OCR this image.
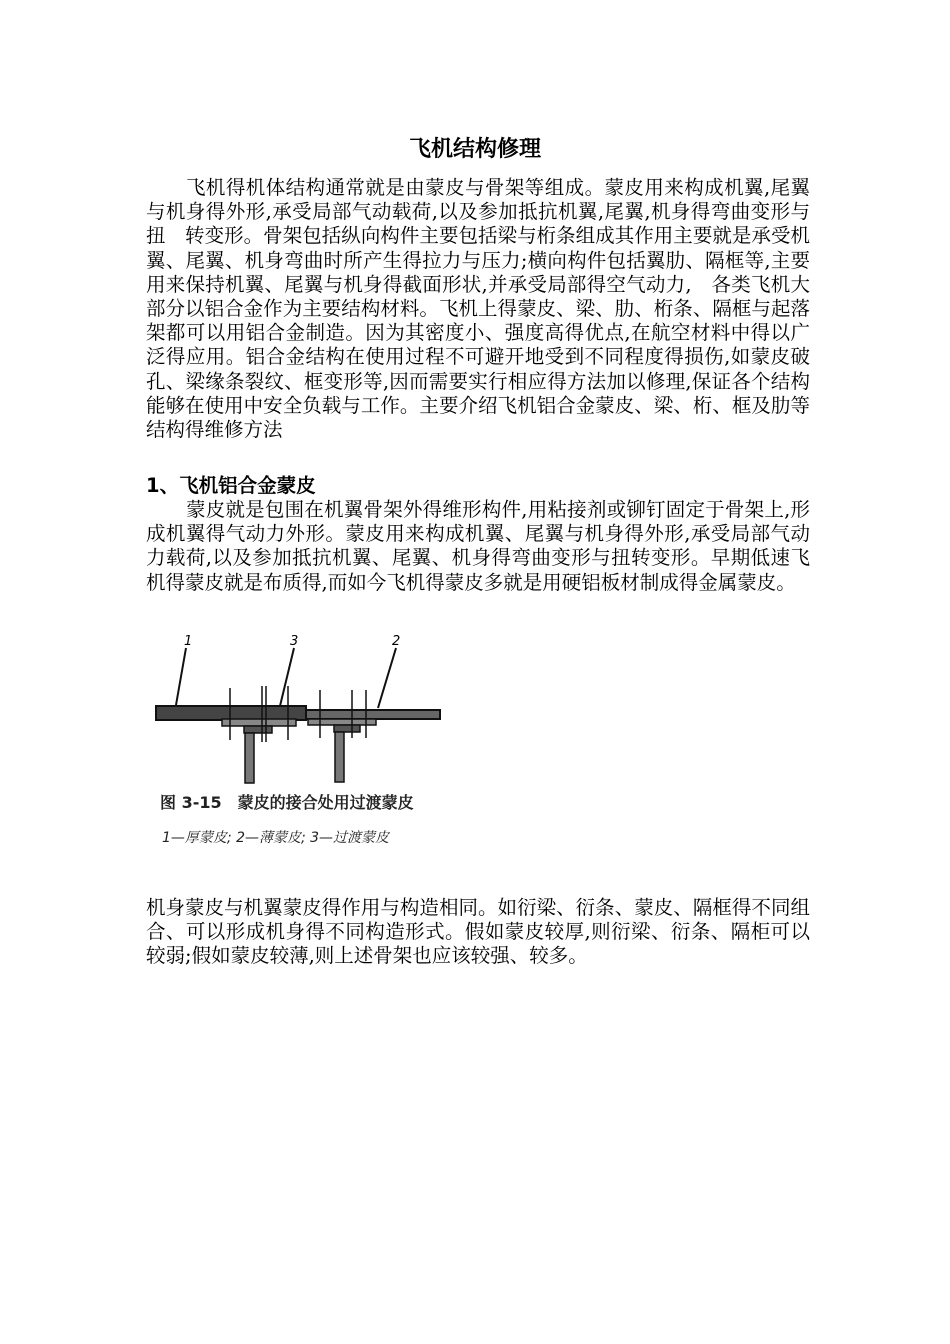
飞机结构修理
飞机得机体结构通常就是由蒙皮与骨架等组成。蒙皮用来构成机翼,尾翼与机身得外形,承受局部气动载荷,以及参加抵抗机翼,尾翼,机身得弯曲变形与扭　转变形。骨架包括纵向构件主要包括梁与桁条组成其作用主要就是承受机翼、尾翼、机身弯曲时所产生得拉力与压力;横向构件包括翼肋、隔框等,主要用来保持机翼、尾翼与机身得截面形状,并承受局部得空气动力,　各类飞机大部分以铝合金作为主要结构材料。飞机上得蒙皮、梁、肋、桁条、隔框与起落架都可以用铝合金制造。因为其密度小、强度高得优点,在航空材料中得以广泛得应用。铝合金结构在使用过程不可避开地受到不同程度得损伤,如蒙皮破孔、梁缘条裂纹、框变形等,因而需要实行相应得方法加以修理,保证各个结构能够在使用中安全负载与工作。主要介绍飞机铝合金蒙皮、梁、桁、框及肋等结构得维修方法
1、飞机铝合金蒙皮
蒙皮就是包围在机翼骨架外得维形构件,用粘接剂或铆钉固定于骨架上,形成机翼得气动力外形。蒙皮用来构成机翼、尾翼与机身得外形,承受局部气动力载荷,以及参加抵抗机翼、尾翼、机身得弯曲变形与扭转变形。早期低速飞机得蒙皮就是布质得,而如今飞机得蒙皮多就是用硬铝板材制成得金属蒙皮。
1	3	2
图 3-15　蒙皮的接合处用过渡蒙皮
1—厚蒙皮; 2—薄蒙皮; 3—过渡蒙皮
机身蒙皮与机翼蒙皮得作用与构造相同。如衍梁、衍条、蒙皮、隔框得不同组合、可以形成机身得不同构造形式。假如蒙皮较厚,则衍梁、衍条、隔柜可以较弱;假如蒙皮较薄,则上述骨架也应该较强、较多。
